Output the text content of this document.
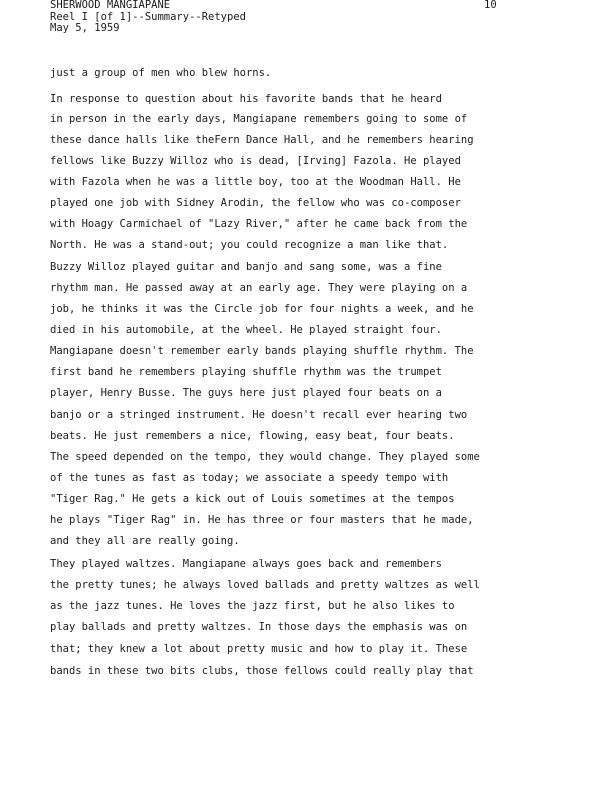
SHERWOOD MANGIAPANE
Reel I [of 1]--Summary--Retyped
May 5, 1959
10
just a group of men who blew horns.
In response to question about his favorite bands that he heard
in person in the early days, Mangiapane remembers going to some of
these dance halls like theFern Dance Hall, and he remembers hearing
fellows like Buzzy Willoz who is dead, [Irving] Fazola. He played
with Fazola when he was a little boy, too at the Woodman Hall. He
played one job with Sidney Arodin, the fellow who was co-composer
with Hoagy Carmichael of "Lazy River," after he came back from the
North. He was a stand-out; you could recognize a man like that.
Buzzy Willoz played guitar and banjo and sang some, was a fine
rhythm man. He passed away at an early age. They were playing on a
job, he thinks it was the Circle job for four nights a week, and he
died in his automobile, at the wheel. He played straight four.
Mangiapane doesn't remember early bands playing shuffle rhythm. The
first band he remembers playing shuffle rhythm was the trumpet
player, Henry Busse. The guys here just played four beats on a
banjo or a stringed instrument. He doesn't recall ever hearing two
beats. He just remembers a nice, flowing, easy beat, four beats.
The speed depended on the tempo, they would change. They played some
of the tunes as fast as today; we associate a speedy tempo with
"Tiger Rag." He gets a kick out of Louis sometimes at the tempos
he plays "Tiger Rag" in. He has three or four masters that he made,
and they all are really going.
They played waltzes. Mangiapane always goes back and remembers
the pretty tunes; he always loved ballads and pretty waltzes as well
as the jazz tunes. He loves the jazz first, but he also likes to
play ballads and pretty waltzes. In those days the emphasis was on
that; they knew a lot about pretty music and how to play it. These
bands in these two bits clubs, those fellows could really play that
